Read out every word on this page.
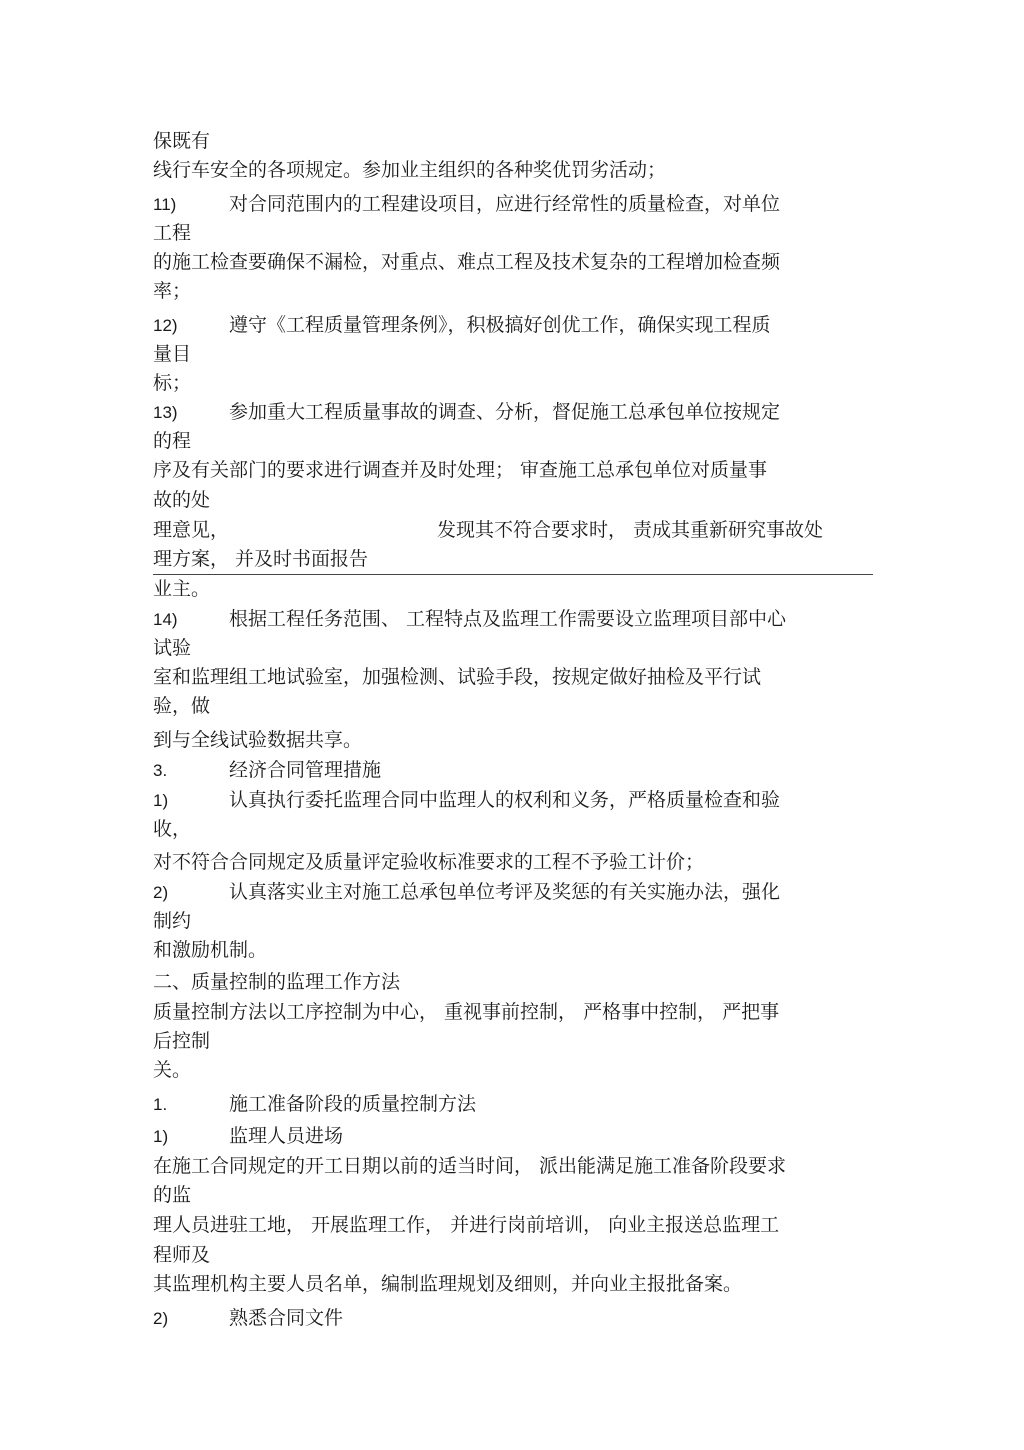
保既有
线行车安全的各项规定。参加业主组织的各种奖优罚劣活动；
11)	对合同范围内的工程建设项目，应进行经常性的质量检查，对单位
工程
的施工检查要确保不漏检，对重点、难点工程及技术复杂的工程增加检查频
率；
12)	遵守《工程质量管理条例》，积极搞好创优工作，确保实现工程质
量目
标；
13)	参加重大工程质量事故的调查、分析，督促施工总承包单位按规定
的程
序及有关部门的要求进行调查并及时处理； 审查施工总承包单位对质量事
故的处
理意见，	发现其不符合要求时， 责成其重新研究事故处
理方案， 并及时书面报告
业主。
14)	根据工程任务范围、 工程特点及监理工作需要设立监理项目部中心
试验
室和监理组工地试验室，加强检测、试验手段，按规定做好抽检及平行试
验，做
到与全线试验数据共享。
3.	经济合同管理措施
1)	认真执行委托监理合同中监理人的权利和义务，严格质量检查和验
收，
对不符合合同规定及质量评定验收标准要求的工程不予验工计价；
2)	认真落实业主对施工总承包单位考评及奖惩的有关实施办法，强化
制约
和激励机制。
二、质量控制的监理工作方法
质量控制方法以工序控制为中心， 重视事前控制， 严格事中控制， 严把事
后控制
关。
1.	施工准备阶段的质量控制方法
1)	监理人员进场
在施工合同规定的开工日期以前的适当时间， 派出能满足施工准备阶段要求
的监
理人员进驻工地， 开展监理工作， 并进行岗前培训， 向业主报送总监理工
程师及
其监理机构主要人员名单，编制监理规划及细则，并向业主报批备案。
2)	熟悉合同文件
